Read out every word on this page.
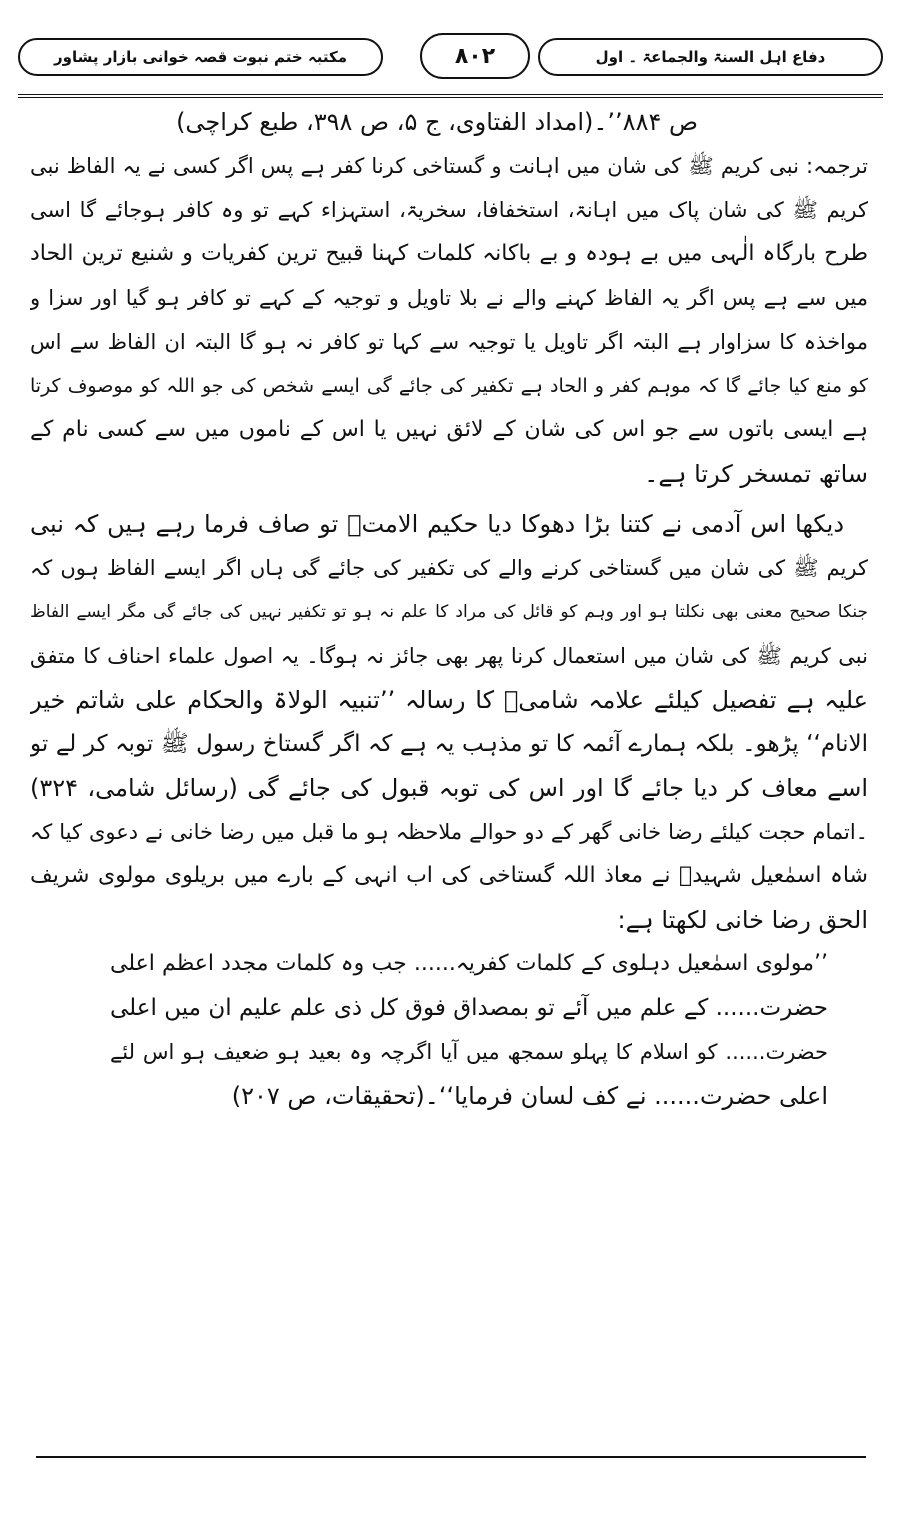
مکتبہ ختم نبوت قصہ خوانی بازار پشاور	۸۰۲	دفاع اہل السنۃ والجماعۃ ۔ اول
ص ۸۸۴’’۔(امداد الفتاوی، ج ۵، ص ۳۹۸، طبع کراچی)
ترجمہ: نبی کریم ﷺ کی شان میں اہانت و گستاخی کرنا کفر ہے پس اگر کسی نے یہ الفاظ نبی
کریم ﷺ کی شان پاک میں اہانۃ، استخفافا، سخریۃ، استہزاء کہے تو وہ کافر ہوجائے گا اسی
طرح بارگاہ الٰہی میں بے ہودہ و بے باکانہ کلمات کہنا قبیح ترین کفریات و شنیع ترین الحاد
میں سے ہے پس اگر یہ الفاظ کہنے والے نے بلا تاویل و توجیہ کے کہے تو کافر ہو گیا اور سزا و
مواخذہ کا سزاوار ہے البتہ اگر تاویل یا توجیہ سے کہا تو کافر نہ ہو گا البتہ ان الفاظ سے اس
کو منع کیا جائے گا کہ موہم کفر و الحاد ہے تکفیر کی جائے گی ایسے شخص کی جو اللہ کو موصوف کرتا
ہے ایسی باتوں سے جو اس کی شان کے لائق نہیں یا اس کے ناموں میں سے کسی نام کے
ساتھ تمسخر کرتا ہے۔
دیکھا اس آدمی نے کتنا بڑا دھوکا دیا حکیم الامتؒ تو صاف فرما رہے ہیں کہ نبی
کریم ﷺ کی شان میں گستاخی کرنے والے کی تکفیر کی جائے گی ہاں اگر ایسے الفاظ ہوں کہ
جنکا صحیح معنی بھی نکلتا ہو اور وہم کو قائل کی مراد کا علم نہ ہو تو تکفیر نہیں کی جائے گی مگر ایسے الفاظ
نبی کریم ﷺ کی شان میں استعمال کرنا پھر بھی جائز نہ ہوگا۔ یہ اصول علماء احناف کا متفق
علیہ ہے تفصیل کیلئے علامہ شامیؒ کا رسالہ ’’تنبیہ الولاۃ والحکام علی شاتم خیر
الانام‘‘ پڑھو۔ بلکہ ہمارے آئمہ کا تو مذہب یہ ہے کہ اگر گستاخ رسول ﷺ توبہ کر لے تو
اسے معاف کر دیا جائے گا اور اس کی توبہ قبول کی جائے گی (رسائل شامی، ۳۲۴)
۔اتمام حجت کیلئے رضا خانی گھر کے دو حوالے ملاحظہ ہو ما قبل میں رضا خانی نے دعوی کیا کہ
شاہ اسمٰعیل شہیدؒ نے معاذ اللہ گستاخی کی اب انہی کے بارے میں بریلوی مولوی شریف
الحق رضا خانی لکھتا ہے:
’’مولوی اسمٰعیل دہلوی کے کلمات کفریہ...... جب وہ کلمات مجدد اعظم اعلی
حضرت...... کے علم میں آئے تو بمصداق فوق کل ذی علم علیم ان میں اعلی
حضرت...... کو اسلام کا پہلو سمجھ میں آیا اگرچہ وہ بعید ہو ضعیف ہو اس لئے
اعلی حضرت...... نے کف لسان فرمایا‘‘۔(تحقیقات، ص ۲۰۷)
